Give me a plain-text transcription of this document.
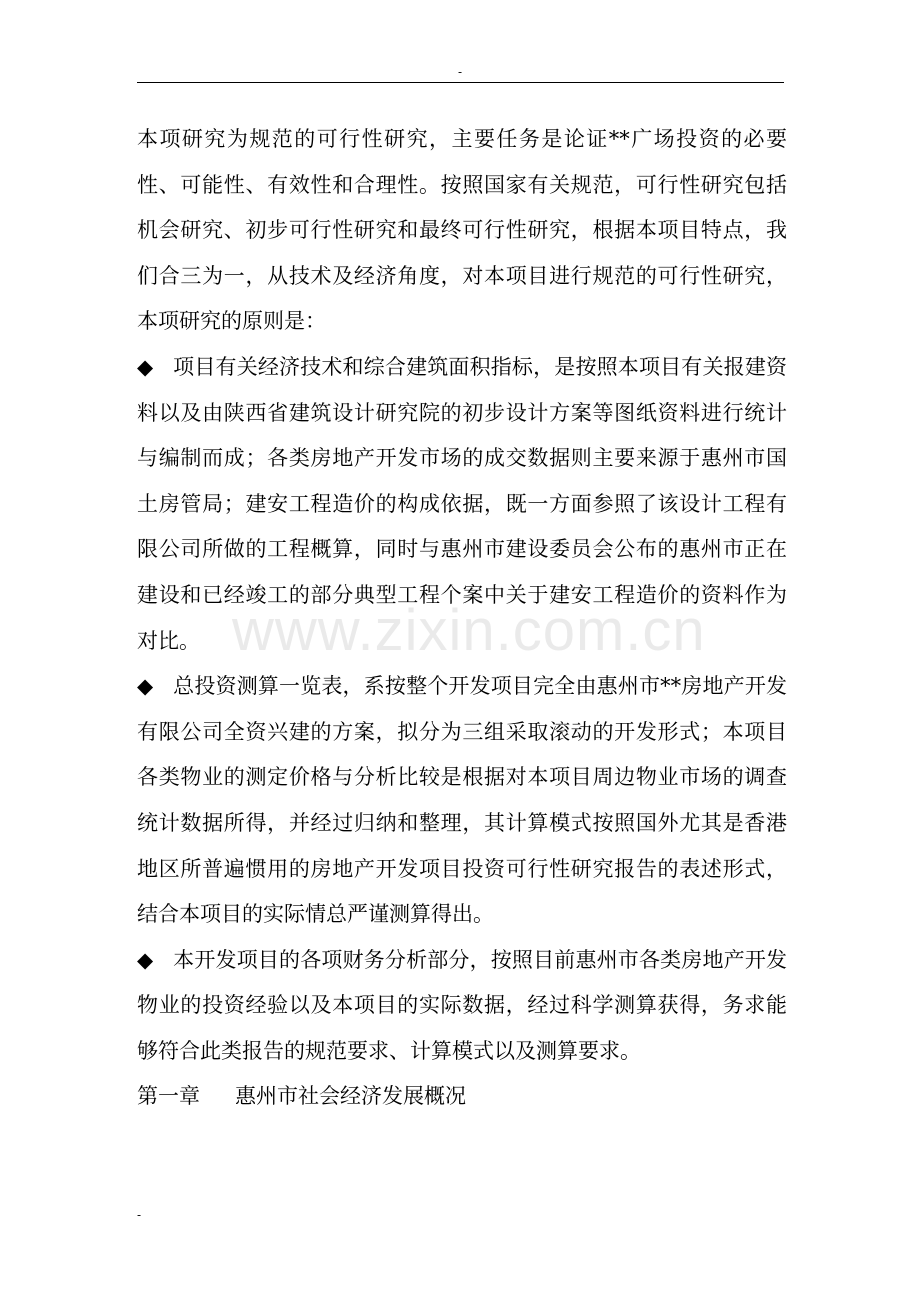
-

本项研究为规范的可行性研究，主要任务是论证**广场投资的必要性、可能性、有效性和合理性。按照国家有关规范，可行性研究包括机会研究、初步可行性研究和最终可行性研究，根据本项目特点，我们合三为一，从技术及经济角度，对本项目进行规范的可行性研究，本项研究的原则是：

◆ 项目有关经济技术和综合建筑面积指标，是按照本项目有关报建资料以及由陕西省建筑设计研究院的初步设计方案等图纸资料进行统计与编制而成；各类房地产开发市场的成交数据则主要来源于惠州市国土房管局；建安工程造价的构成依据，既一方面参照了该设计工程有限公司所做的工程概算，同时与惠州市建设委员会公布的惠州市正在建设和已经竣工的部分典型工程个案中关于建安工程造价的资料作为对比。

◆ 总投资测算一览表，系按整个开发项目完全由惠州市**房地产开发有限公司全资兴建的方案，拟分为三组采取滚动的开发形式；本项目各类物业的测定价格与分析比较是根据对本项目周边物业市场的调查统计数据所得，并经过归纳和整理，其计算模式按照国外尤其是香港地区所普遍惯用的房地产开发项目投资可行性研究报告的表述形式，结合本项目的实际情总严谨测算得出。

◆ 本开发项目的各项财务分析部分，按照目前惠州市各类房地产开发物业的投资经验以及本项目的实际数据，经过科学测算获得，务求能够符合此类报告的规范要求、计算模式以及测算要求。

第一章 惠州市社会经济发展概况

www.zixin.com.cn
-
